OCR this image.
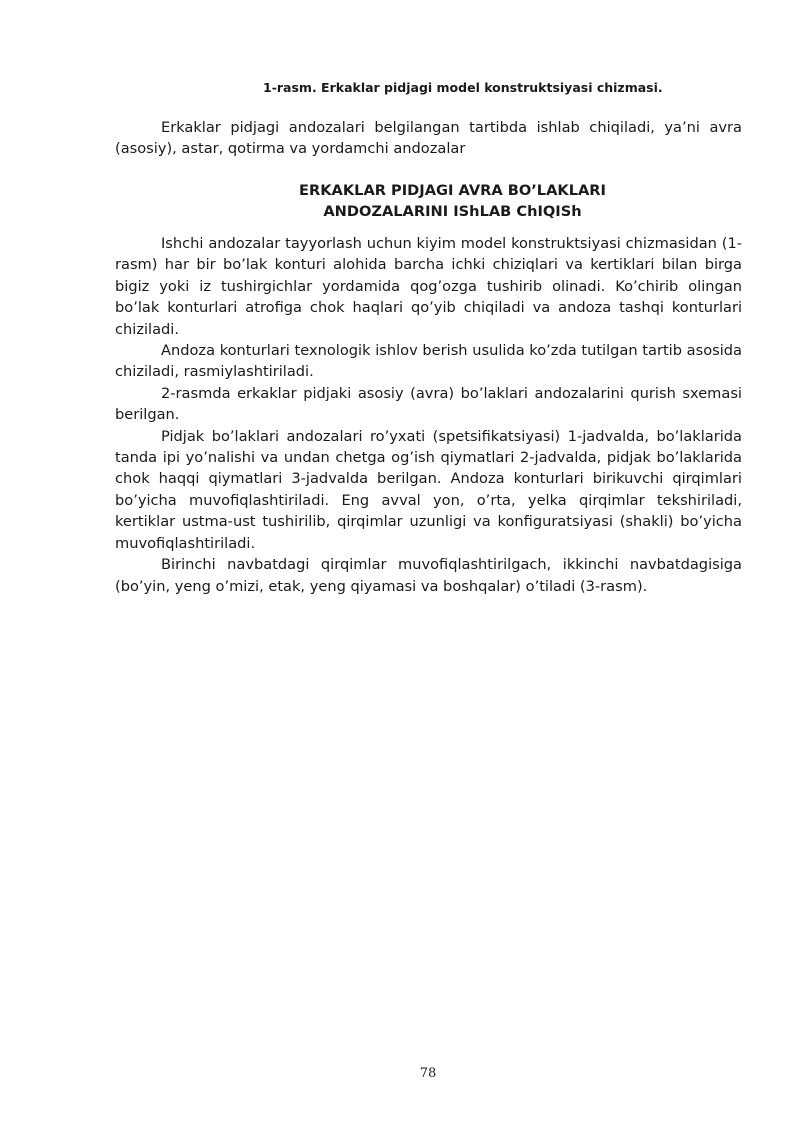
1-rasm. Erkaklar pidjagi model konstruktsiyasi chizmasi.

Erkaklar pidjagi andozalari belgilangan tartibda ishlab chiqiladi, ya’ni avra (asosiy), astar, qotirma va yordamchi andozalar

ERKAKLAR PIDJAGI AVRA BO’LAKLARI
ANDOZALARINI IShLAB ChIQISh

Ishchi andozalar tayyorlash uchun kiyim model konstruktsiyasi chizmasidan (1-rasm) har bir bo’lak konturi alohida barcha ichki chiziqlari va kertiklari bilan birga bigiz yoki iz tushirgichlar yordamida qog’ozga tushirib olinadi. Ko’chirib olingan bo’lak konturlari atrofiga chok haqlari qo’yib chiqiladi va andoza tashqi konturlari chiziladi.

Andoza konturlari texnologik ishlov berish usulida ko’zda tutilgan tartib asosida chiziladi, rasmiylashtiriladi.

2-rasmda erkaklar pidjaki asosiy (avra) bo’laklari andozalarini qurish sxemasi berilgan.

Pidjak bo’laklari andozalari ro’yxati (spetsifikatsiyasi) 1-jadvalda, bo’laklarida tanda ipi yo’nalishi va undan chetga og’ish qiymatlari 2-jadvalda, pidjak bo’laklarida chok haqqi qiymatlari 3-jadvalda berilgan. Andoza konturlari birikuvchi qirqimlari bo’yicha muvofiqlashtiriladi. Eng avval yon, o’rta, yelka qirqimlar tekshiriladi, kertiklar ustma-ust tushirilib, qirqimlar uzunligi va konfiguratsiyasi (shakli) bo’yicha muvofiqlashtiriladi.

Birinchi navbatdagi qirqimlar muvofiqlashtirilgach, ikkinchi navbatdagisiga (bo’yin, yeng o’mizi, etak, yeng qiyamasi va boshqalar) o’tiladi (3-rasm).

78
